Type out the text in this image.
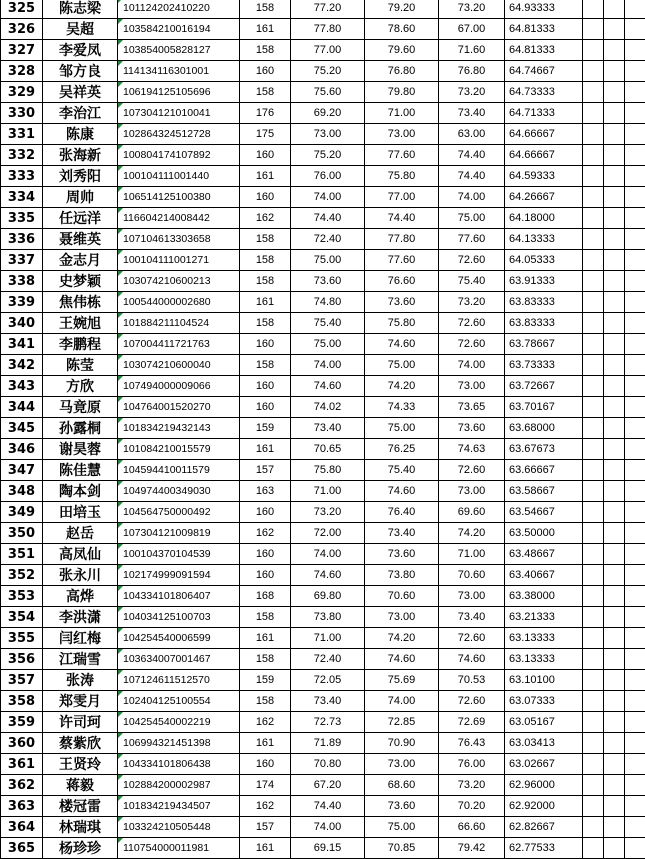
325	陈志梁	101124202410220	158	77.20	79.20	73.20	64.93333			
326	吴超	103584210016194	161	77.80	78.60	67.00	64.81333			
327	李爱凤	103854005828127	158	77.00	79.60	71.60	64.81333			
328	邹方良	114134116301001	160	75.20	76.80	76.80	64.74667			
329	吴祥英	106194125105696	158	75.60	79.80	73.20	64.73333			
330	李治江	107304121010041	176	69.20	71.00	73.40	64.71333			
331	陈康	102864324512728	175	73.00	73.00	63.00	64.66667			
332	张海新	100804174107892	160	75.20	77.60	74.40	64.66667			
333	刘秀阳	100104111001440	161	76.00	75.80	74.40	64.59333			
334	周帅	106514125100380	160	74.00	77.00	74.00	64.26667			
335	任远洋	116604214008442	162	74.40	74.40	75.00	64.18000			
336	聂维英	107104613303658	158	72.40	77.80	77.60	64.13333			
337	金志月	100104111001271	158	75.00	77.60	72.60	64.05333			
338	史梦颖	103074210600213	158	73.60	76.60	75.40	63.91333			
339	焦伟栋	100544000002680	161	74.80	73.60	73.20	63.83333			
340	王婉旭	101884211104524	158	75.40	75.80	72.60	63.83333			
341	李鹏程	107004411721763	160	75.00	74.60	72.60	63.78667			
342	陈莹	103074210600040	158	74.00	75.00	74.00	63.73333			
343	方欣	107494000009066	160	74.60	74.20	73.00	63.72667			
344	马竟原	104764001520270	160	74.02	74.33	73.65	63.70167			
345	孙露桐	101834219432143	159	73.40	75.00	73.60	63.68000			
346	谢昊蓉	101084210015579	161	70.65	76.25	74.63	63.67673			
347	陈佳慧	104594410011579	157	75.80	75.40	72.60	63.66667			
348	陶本剑	104974400349030	163	71.00	74.60	73.00	63.58667			
349	田培玉	104564750000492	160	73.20	76.40	69.60	63.54667			
350	赵岳	107304121009819	162	72.00	73.40	74.20	63.50000			
351	高凤仙	100104370104539	160	74.00	73.60	71.00	63.48667			
352	张永川	102174999091594	160	74.60	73.80	70.60	63.40667			
353	高烨	104334101806407	168	69.80	70.60	73.00	63.38000			
354	李洪潇	104034125100703	158	73.80	73.00	73.40	63.21333			
355	闫红梅	104254540006599	161	71.00	74.20	72.60	63.13333			
356	江瑞雪	103634007001467	158	72.40	74.60	74.60	63.13333			
357	张涛	107124611512570	159	72.05	75.69	70.53	63.10100			
358	郑雯月	102404125100554	158	73.40	74.00	72.60	63.07333			
359	许司珂	104254540002219	162	72.73	72.85	72.69	63.05167			
360	蔡紫欣	106994321451398	161	71.89	70.90	76.43	63.03413			
361	王贤玲	104334101806438	160	70.80	73.00	76.00	63.02667			
362	蒋毅	102884200002987	174	67.20	68.60	73.20	62.96000			
363	楼冠雷	101834219434507	162	74.40	73.60	70.20	62.92000			
364	林瑞琪	103324210505448	157	74.00	75.00	66.60	62.82667			
365	杨珍珍	110754000011981	161	69.15	70.85	79.42	62.77533			
